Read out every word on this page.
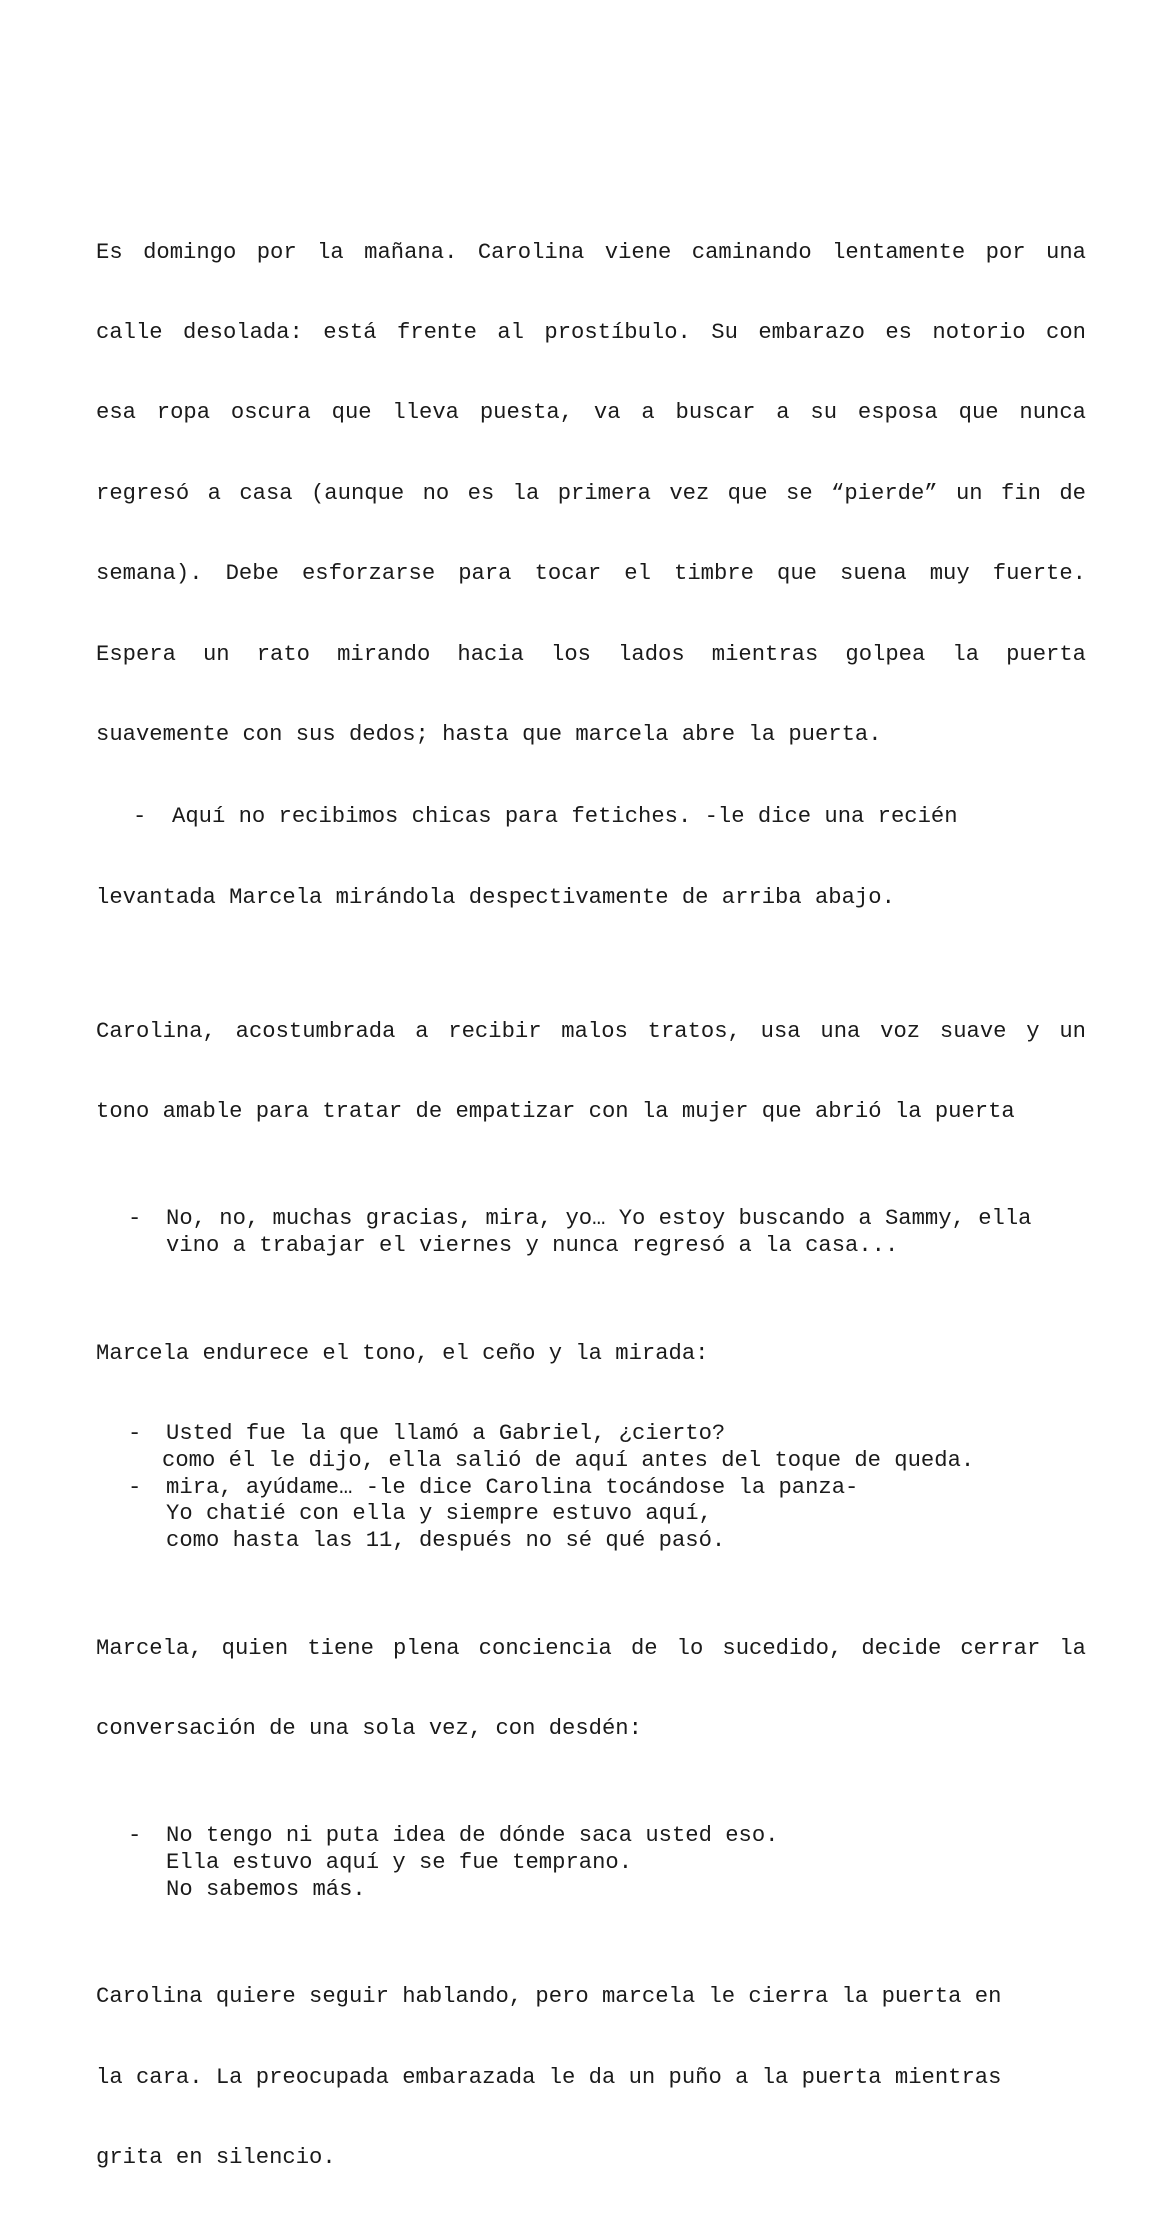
Es domingo por la mañana. Carolina viene caminando lentamente por una

calle desolada: está frente al prostíbulo. Su embarazo es notorio con

esa ropa oscura que lleva puesta, va a buscar a su esposa que nunca

regresó a casa (aunque no es la primera vez que se “pierde” un fin de

semana). Debe esforzarse para tocar el timbre que suena muy fuerte.

Espera un rato mirando hacia los lados mientras golpea la puerta

suavemente con sus dedos; hasta que marcela abre la puerta.

- Aquí no recibimos chicas para fetiches. -le dice una recién

levantada Marcela mirándola despectivamente de arriba abajo.

Carolina, acostumbrada a recibir malos tratos, usa una voz suave y un

tono amable para tratar de empatizar con la mujer que abrió la puerta

- No, no, muchas gracias, mira, yo… Yo estoy buscando a Sammy, ella
vino a trabajar el viernes y nunca regresó a la casa...

Marcela endurece el tono, el ceño y la mirada:

- Usted fue la que llamó a Gabriel, ¿cierto?
como él le dijo, ella salió de aquí antes del toque de queda.
- mira, ayúdame… -le dice Carolina tocándose la panza-
Yo chatié con ella y siempre estuvo aquí,
como hasta las 11, después no sé qué pasó.

Marcela, quien tiene plena conciencia de lo sucedido, decide cerrar la

conversación de una sola vez, con desdén:

- No tengo ni puta idea de dónde saca usted eso.
Ella estuvo aquí y se fue temprano.
No sabemos más.

Carolina quiere seguir hablando, pero marcela le cierra la puerta en

la cara. La preocupada embarazada le da un puño a la puerta mientras

grita en silencio.
